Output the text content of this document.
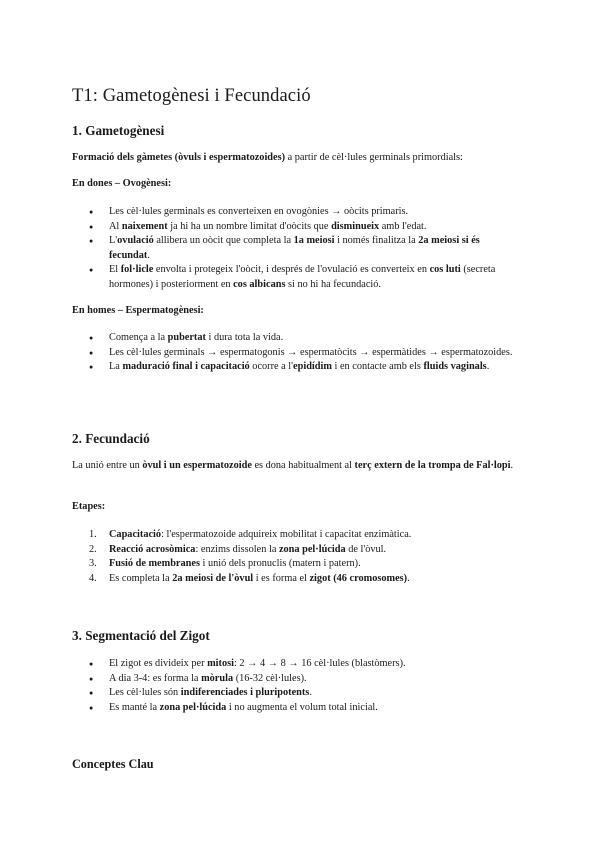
T1: Gametogènesi i Fecundació
1. Gametogènesi

Formació dels gàmetes (òvuls i espermatozoides) a partir de cèl·lules germinals primordials:

En dones – Ovogènesi:

● Les cèl·lules germinals es converteixen en ovogònies → oòcits primaris.
● Al naixement ja hi ha un nombre limitat d'oòcits que disminueix amb l'edat.
● L'ovulació allibera un oòcit que completa la 1a meiosi i només finalitza la 2a meiosi si és fecundat.
● El fol·licle envolta i protegeix l'oòcit, i després de l'ovulació es converteix en cos luti (secreta hormones) i posteriorment en cos albicans si no hi ha fecundació.

En homes – Espermatogènesi:

● Comença a la pubertat i dura tota la vida.
● Les cèl·lules germinals → espermatogonis → espermatòcits → espermàtides → espermatozoides.
● La maduració final i capacitació ocorre a l'epidídim i en contacte amb els fluids vaginals.
2. Fecundació

La unió entre un òvul i un espermatozoide es dona habitualment al terç extern de la trompa de Fal·lopi.

Etapes:

1. Capacitació: l'espermatozoide adquireix mobilitat i capacitat enzimàtica.
2. Reacció acrosòmica: enzims dissolen la zona pel·lúcida de l'òvul.
3. Fusió de membranes i unió dels pronuclis (matern i patern).
4. Es completa la 2a meiosi de l'òvul i es forma el zigot (46 cromosomes).
3. Segmentació del Zigot
● El zigot es divideix per mitosi: 2 → 4 → 8 → 16 cèl·lules (blastòmers).
● A dia 3-4: es forma la mòrula (16-32 cèl·lules).
● Les cèl·lules són indiferenciades i pluripotents.
● Es manté la zona pel·lúcida i no augmenta el volum total inicial.
Conceptes Clau
